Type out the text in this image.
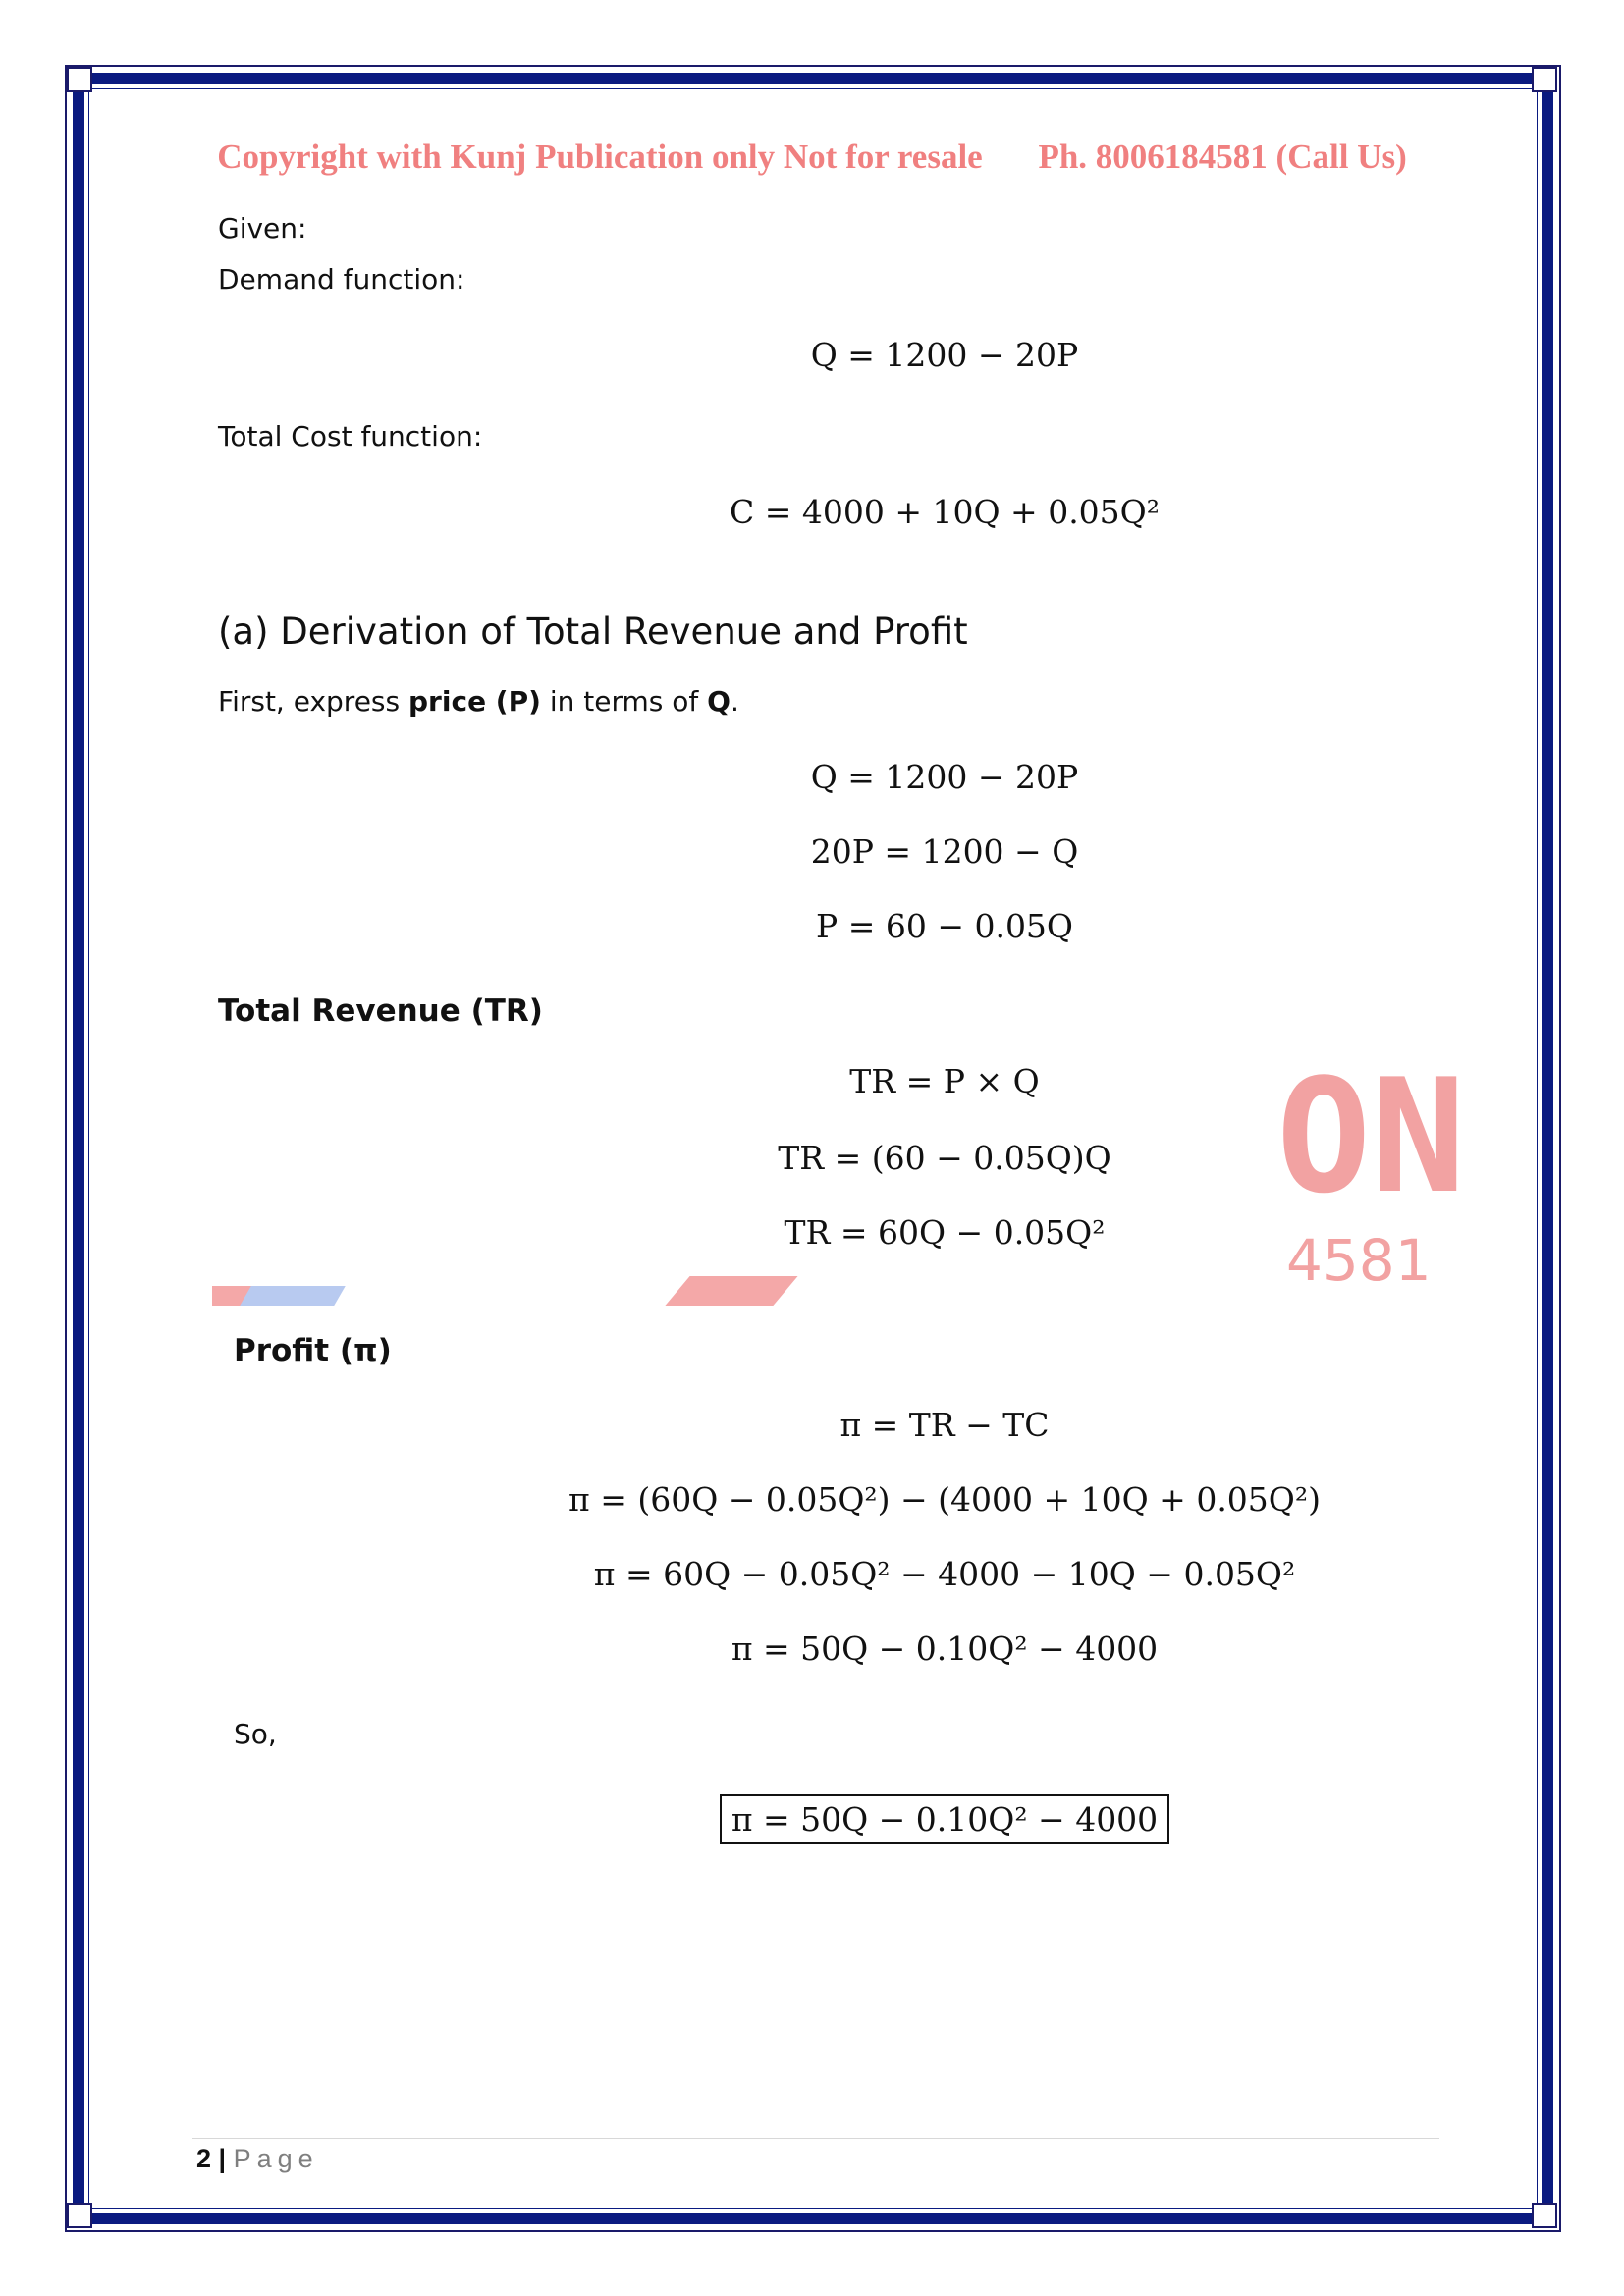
ON
4581
Copyright with Kunj Publication only Not for resale Ph. 8006184581 (Call Us)
Given:
Demand function:
Q = 1200 − 20P
Total Cost function:
C = 4000 + 10Q + 0.05Q²
(a) Derivation of Total Revenue and Profit
First, express price (P) in terms of Q.
Q = 1200 − 20P
20P = 1200 − Q
P = 60 − 0.05Q
Total Revenue (TR)
TR = P × Q
TR = (60 − 0.05Q)Q
TR = 60Q − 0.05Q²
Profit (π)
π = TR − TC
π = (60Q − 0.05Q²) − (4000 + 10Q + 0.05Q²)
π = 60Q − 0.05Q² − 4000 − 10Q − 0.05Q²
π = 50Q − 0.10Q² − 4000
So,
π = 50Q − 0.10Q² − 4000
2 | Page
